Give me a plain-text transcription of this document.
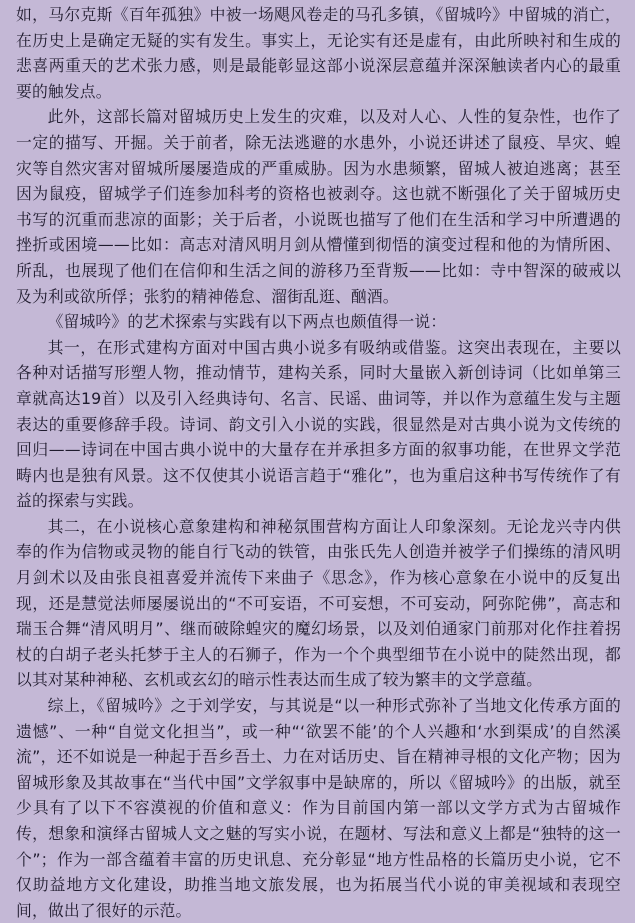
如，马尔克斯《百年孤独》中被一场飓风卷走的马孔多镇，《留城吟》中留城的消亡，在历史上是确定无疑的实有发生。事实上，无论实有还是虚有，由此所映衬和生成的悲喜两重天的艺术张力感，则是最能彰显这部小说深层意蕴并深深触读者内心的最重要的触发点。

此外，这部长篇对留城历史上发生的灾难，以及对人心、人性的复杂性，也作了一定的描写、开掘。关于前者，除无法逃避的水患外，小说还讲述了鼠疫、旱灾、蝗灾等自然灾害对留城所屡屡造成的严重威胁。因为水患频繁，留城人被迫逃离；甚至因为鼠疫，留城学子们连参加科考的资格也被剥夺。这也就不断强化了关于留城历史书写的沉重而悲凉的面影；关于后者，小说既也描写了他们在生活和学习中所遭遇的挫折或困境——比如：高志对清风明月剑从懵懂到彻悟的演变过程和他的为情所困、所乱，也展现了他们在信仰和生活之间的游移乃至背叛——比如：寺中智深的破戒以及为利或欲所俘；张豹的精神倦怠、溜街乱逛、酗酒。

《留城吟》的艺术探索与实践有以下两点也颇值得一说：

其一，在形式建构方面对中国古典小说多有吸纳或借鉴。这突出表现在，主要以各种对话描写形塑人物，推动情节，建构关系，同时大量嵌入新创诗词（比如单第三章就高达19首）以及引入经典诗句、名言、民谣、曲词等，并以作为意蕴生发与主题表达的重要修辞手段。诗词、韵文引入小说的实践，很显然是对古典小说为文传统的回归——诗词在中国古典小说中的大量存在并承担多方面的叙事功能，在世界文学范畴内也是独有风景。这不仅使其小说语言趋于“雅化”，也为重启这种书写传统作了有益的探索与实践。

其二，在小说核心意象建构和神秘氛围营构方面让人印象深刻。无论龙兴寺内供奉的作为信物或灵物的能自行飞动的铁管，由张氏先人创造并被学子们操练的清风明月剑术以及由张良祖喜爱并流传下来曲子《思念》，作为核心意象在小说中的反复出现，还是慧觉法师屡屡说出的“不可妄语，不可妄想，不可妄动，阿弥陀佛”，高志和瑞玉合舞“清风明月”、继而破除蝗灾的魔幻场景，以及刘伯通家门前那对化作拄着拐杖的白胡子老头托梦于主人的石狮子，作为一个个典型细节在小说中的陡然出现，都以其对某种神秘、玄机或玄幻的暗示性表达而生成了较为繁丰的文学意蕴。

综上，《留城吟》之于刘学安，与其说是“以一种形式弥补了当地文化传承方面的遗憾”、一种“自觉文化担当”，或一种“‘欲罢不能’的个人兴趣和‘水到渠成’的自然溪流”，还不如说是一种起于吾乡吾土、力在对话历史、旨在精神寻根的文化产物；因为留城形象及其故事在“当代中国”文学叙事中是缺席的，所以《留城吟》的出版，就至少具有了以下不容漠视的价值和意义：作为目前国内第一部以文学方式为古留城作传，想象和演绎古留城人文之魅的写实小说，在题材、写法和意义上都是“独特的这一个”；作为一部含蕴着丰富的历史讯息、充分彰显“地方性品格的长篇历史小说，它不仅助益地方文化建设，助推当地文旅发展，也为拓展当代小说的审美视域和表现空间，做出了很好的示范。
